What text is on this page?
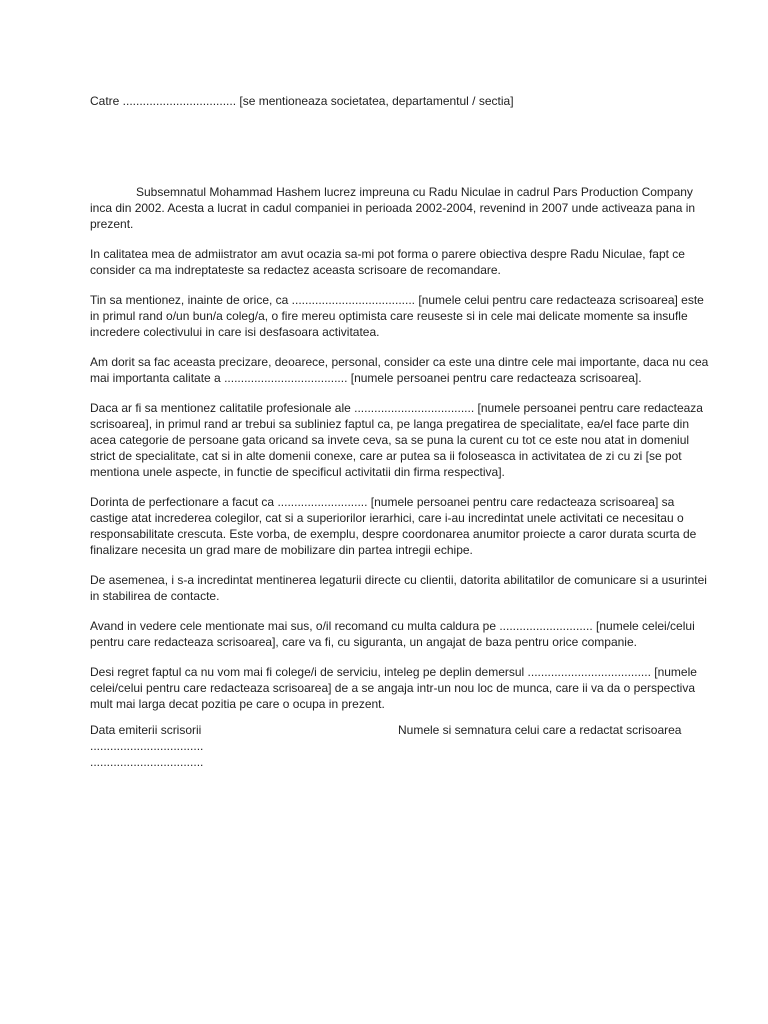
Catre .................................. [se mentioneaza societatea, departamentul / sectia]
Subsemnatul Mohammad Hashem lucrez impreuna cu Radu Niculae in cadrul Pars Production Company
inca din 2002. Acesta a lucrat in cadul companiei in perioada 2002-2004, revenind in 2007 unde activeaza pana in
prezent.
In calitatea mea de admiistrator am avut ocazia sa-mi pot forma o parere obiectiva despre Radu Niculae, fapt ce
consider ca ma indreptateste sa redactez aceasta scrisoare de recomandare.
Tin sa mentionez, inainte de orice, ca ..................................... [numele celui pentru care redacteaza scrisoarea] este
in primul rand o/un bun/a coleg/a, o fire mereu optimista care reuseste si in cele mai delicate momente sa insufle
incredere colectivului in care isi desfasoara activitatea.
Am dorit sa fac aceasta precizare, deoarece, personal, consider ca este una dintre cele mai importante, daca nu cea
mai importanta calitate a ..................................... [numele persoanei pentru care redacteaza scrisoarea].
Daca ar fi sa mentionez calitatile profesionale ale .................................... [numele persoanei pentru care redacteaza
scrisoarea], in primul rand ar trebui sa subliniez faptul ca, pe langa pregatirea de specialitate, ea/el face parte din
acea categorie de persoane gata oricand sa invete ceva, sa se puna la curent cu tot ce este nou atat in domeniul
strict de specialitate, cat si in alte domenii conexe, care ar putea sa ii foloseasca in activitatea de zi cu zi [se pot
mentiona unele aspecte, in functie de specificul activitatii din firma respectiva].
Dorinta de perfectionare a facut ca ........................... [numele persoanei pentru care redacteaza scrisoarea] sa
castige atat increderea colegilor, cat si a superiorilor ierarhici, care i-au incredintat unele activitati ce necesitau o
responsabilitate crescuta. Este vorba, de exemplu, despre coordonarea anumitor proiecte a caror durata scurta de
finalizare necesita un grad mare de mobilizare din partea intregii echipe.
De asemenea, i s-a incredintat mentinerea legaturii directe cu clientii, datorita abilitatilor de comunicare si a usurintei
in stabilirea de contacte.
Avand in vedere cele mentionate mai sus, o/il recomand cu multa caldura pe ............................ [numele celei/celui
pentru care redacteaza scrisoarea], care va fi, cu siguranta, un angajat de baza pentru orice companie.
Desi regret faptul ca nu vom mai fi colege/i de serviciu, inteleg pe deplin demersul ..................................... [numele
celei/celui pentru care redacteaza scrisoarea] de a se angaja intr-un nou loc de munca, care ii va da o perspectiva
mult mai larga decat pozitia pe care o ocupa in prezent.
Data emiterii scrisorii
..................................
..................................
Numele si semnatura celui care a redactat scrisoarea
